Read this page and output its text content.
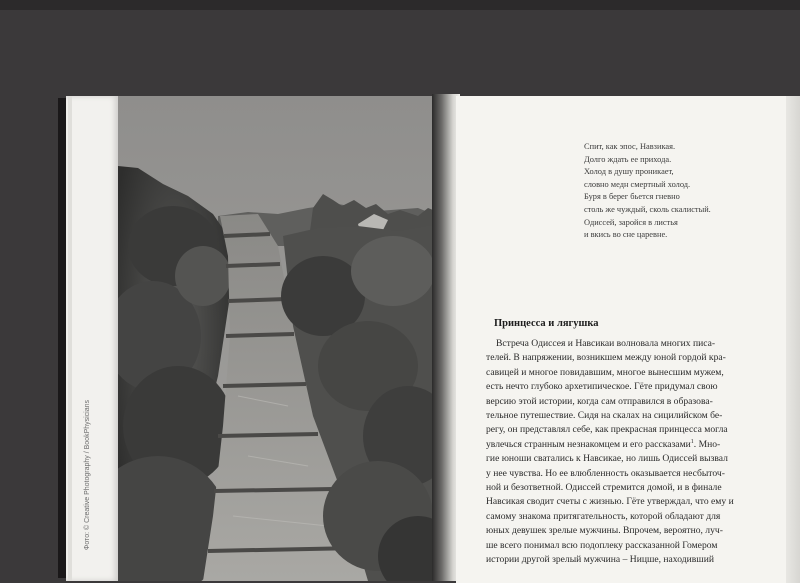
Фото: © Creative Photography / BookPhysicians
Спит, как эпос, Навзикая.
Долго ждать ее прихода.
Холод в душу проникает,
словно медн смертный холод.
Буря в берег бьется гневно
столь же чуждый, сколь скалистый.
Одиссей, заройся в листья
и вкись во сне царевне.
Принцесса и лягушка
Встреча Одиссея и Навсикаи волновала многих писа-
телей. В напряжении, возникшем между юной гордой кра-
савицей и многое повидавшим, многое вынесшим мужем,
есть нечто глубоко архетипическое. Гёте придумал свою
версию этой истории, когда сам отправился в образова-
тельное путешествие. Сидя на скалах на сицилийском бе-
регу, он представлял себе, как прекрасная принцесса могла
увлечься странным незнакомцем и его рассказами$^1$. Мно-
гие юноши сватались к Навсикае, но лишь Одиссей вызвал
у нее чувства. Но ее влюбленность оказывается несбыточ-
ной и безответной. Одиссей стремится домой, и в финале
Навсикая сводит счеты с жизнью. Гёте утверждал, что ему и
самому знакома притягательность, которой обладают для
юных девушек зрелые мужчины. Впрочем, вероятно, луч-
ше всего понимал всю подоплеку рассказанной Гомером
истории другой зрелый мужчина – Ницше, находивший
